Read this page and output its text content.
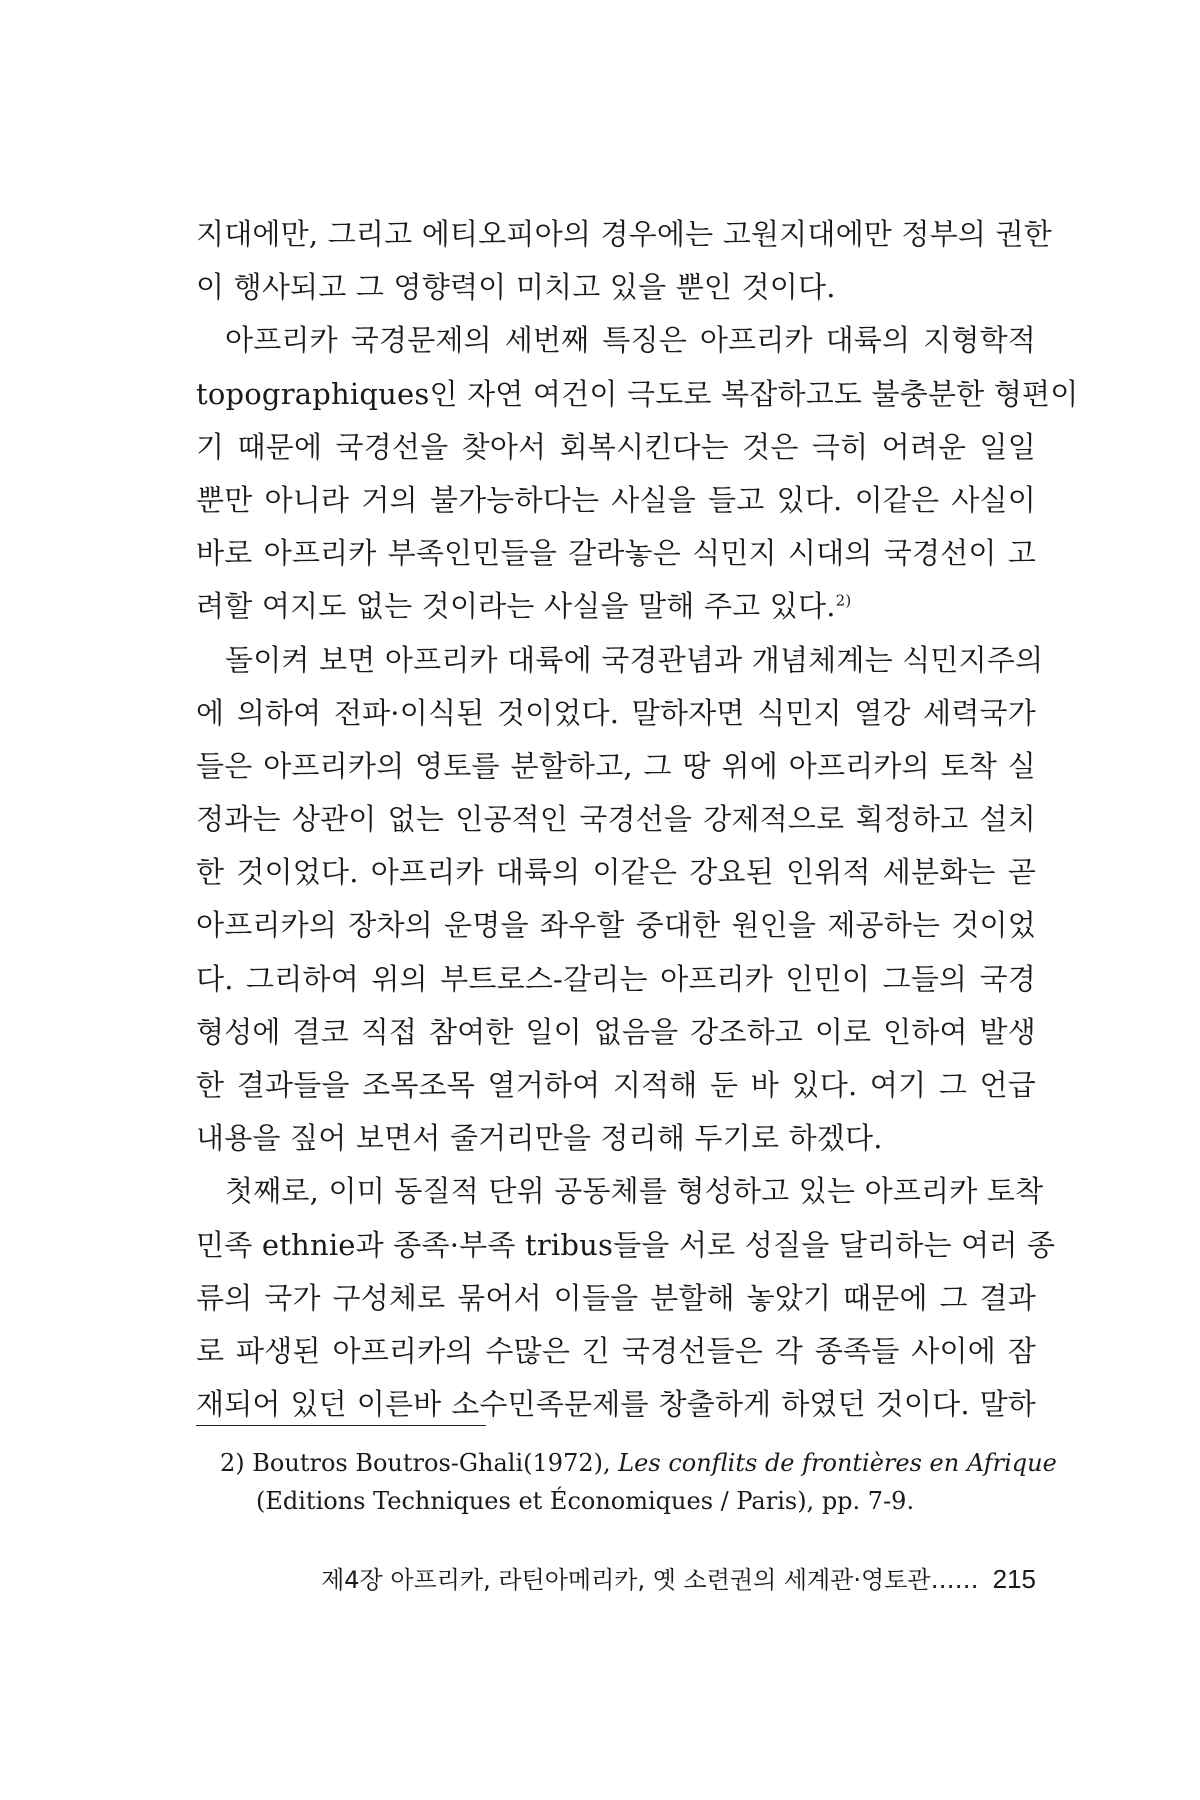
지대에만, 그리고 에티오피아의 경우에는 고원지대에만 정부의 권한
이 행사되고 그 영향력이 미치고 있을 뿐인 것이다.
아프리카 국경문제의 세번째 특징은 아프리카 대륙의 지형학적
topographiques인 자연 여건이 극도로 복잡하고도 불충분한 형편이
기 때문에 국경선을 찾아서 회복시킨다는 것은 극히 어려운 일일
뿐만 아니라 거의 불가능하다는 사실을 들고 있다. 이같은 사실이
바로 아프리카 부족인민들을 갈라놓은 식민지 시대의 국경선이 고
려할 여지도 없는 것이라는 사실을 말해 주고 있다.$^{2)}$
돌이켜 보면 아프리카 대륙에 국경관념과 개념체계는 식민지주의
에 의하여 전파·이식된 것이었다. 말하자면 식민지 열강 세력국가
들은 아프리카의 영토를 분할하고, 그 땅 위에 아프리카의 토착 실
정과는 상관이 없는 인공적인 국경선을 강제적으로 획정하고 설치
한 것이었다. 아프리카 대륙의 이같은 강요된 인위적 세분화는 곧
아프리카의 장차의 운명을 좌우할 중대한 원인을 제공하는 것이었
다. 그리하여 위의 부트로스-갈리는 아프리카 인민이 그들의 국경
형성에 결코 직접 참여한 일이 없음을 강조하고 이로 인하여 발생
한 결과들을 조목조목 열거하여 지적해 둔 바 있다. 여기 그 언급
내용을 짚어 보면서 줄거리만을 정리해 두기로 하겠다.
첫째로, 이미 동질적 단위 공동체를 형성하고 있는 아프리카 토착
민족 ethnie과 종족·부족 tribus들을 서로 성질을 달리하는 여러 종
류의 국가 구성체로 묶어서 이들을 분할해 놓았기 때문에 그 결과
로 파생된 아프리카의 수많은 긴 국경선들은 각 종족들 사이에 잠
재되어 있던 이른바 소수민족문제를 창출하게 하였던 것이다. 말하
2) Boutros Boutros-Ghali(1972), Les conflits de frontières en Afrique
(Editions Techniques et Économiques / Paris), pp. 7-9.
제4장 아프리카, 라틴아메리카, 옛 소련권의 세계관·영토관…… 215
